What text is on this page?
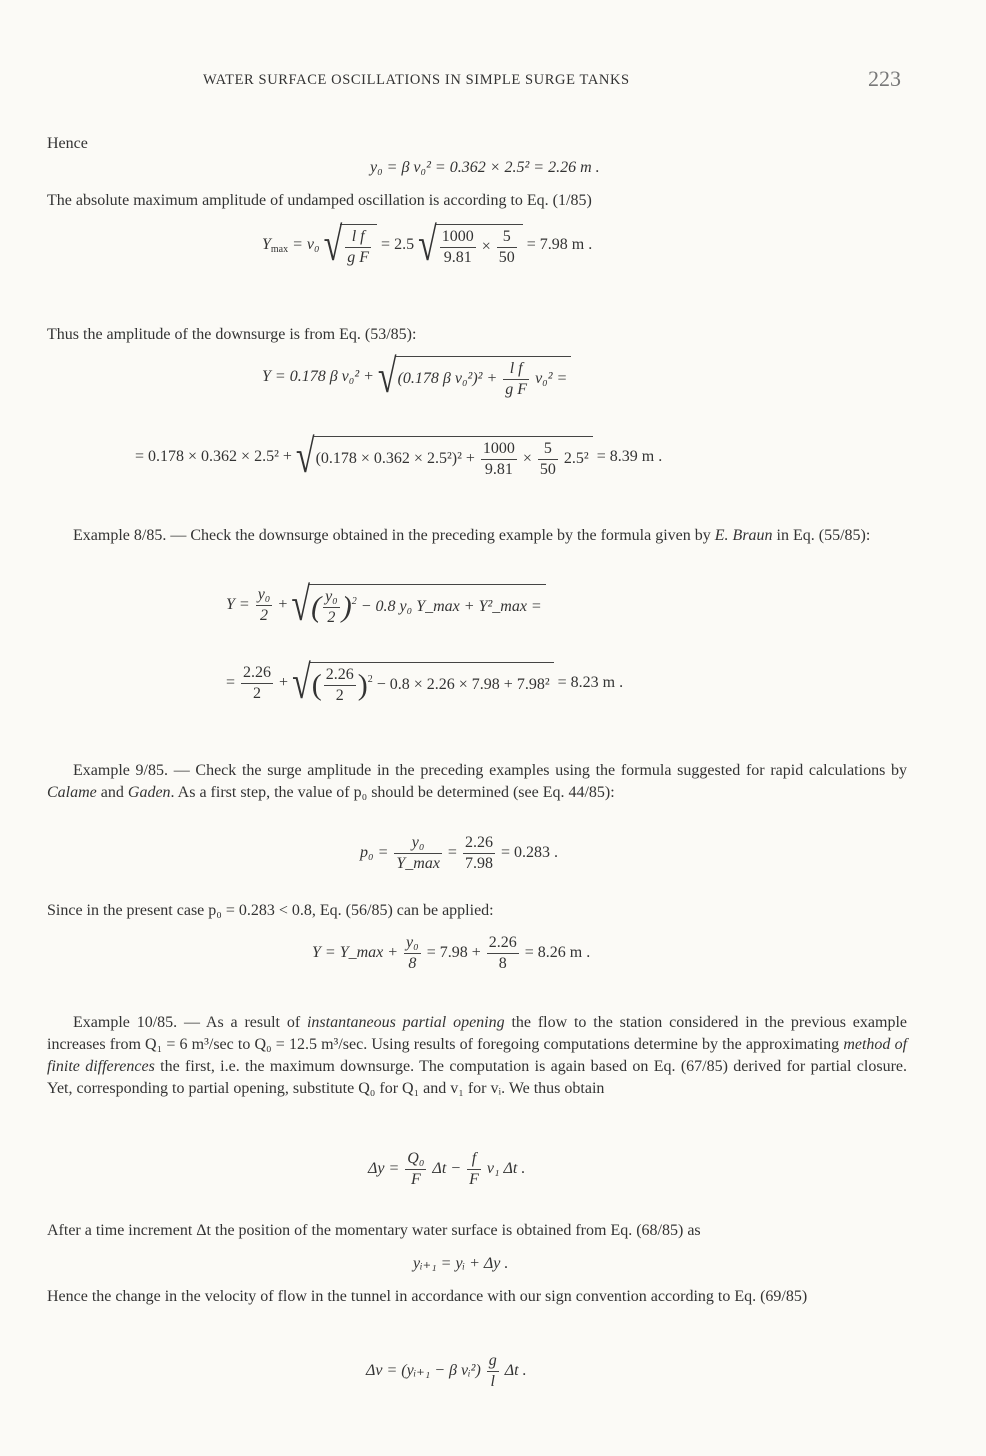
WATER SURFACE OSCILLATIONS IN SIMPLE SURGE TANKS	223
Hence
y₀ = β v₀² = 0.362 × 2.5² = 2.26 m .
The absolute maximum amplitude of undamped oscillation is according to Eq. (1/85)
$Y_{max} = v_0$ √ $\frac{\text{l f}}{\text{g F}} = 2.5$ √ $\frac{1000}{9.81} \times \frac{5}{50} = 7.98$ m .
Thus the amplitude of the downsurge is from Eq. (53/85):
Y = 0.178 β v₀² + √(0.178 β $v_0^2)^2 + \frac{\text{l f}}{\text{g F}} v_0^2$ =
= $0.178 \times 0.362 \times 2.5^2 + √(0.178 \times 0.362 \times 2.5^2)^2 + \frac{1000}{9.81} \times \frac{5}{50} 2.5^2 = 8.39$ m .
Example 8/85. — Check the downsurge obtained in the preceding example by the formula given by E. Braun in Eq. (55/85):
$Y = \frac{\text{y₀}}{2}$ + √( $\frac{\text{y₀}}{2} )^2 - 0.8$ y₀ Y_max + Y²_max =
= $\frac{2.26}{2}$ + √( $\frac{2.26}{2} )^2 - 0.8 \times 2.26 \times 7.98 + 7.98^2 = 8.23$ m .
Example 9/85. — Check the surge amplitude in the preceding examples using the formula suggested for rapid calculations by Calame and Gaden. As a first step, the value of p₀ should be determined (see Eq. 44/85):
$p_0 = \frac{\text{y₀}}{Y\_\max} = \frac{2.26}{7.98} = 0.283$ .
Since in the present case p₀ = 0.283 < 0.8, Eq. (56/85) can be applied:
Y = Y_max + $\frac{\text{y₀}}{8} = 7.98 + \frac{2.26}{8} = 8.26$ m .
Example 10/85. — As a result of instantaneous partial opening the flow to the station considered in the previous example increases from Q₁ = 6 m³/sec to Q₀ = 12.5 m³/sec. Using results of foregoing computations determine by the approximating method of finite differences the first, i.e. the maximum downsurge. The computation is again based on Eq. (67/85) derived for partial closure. Yet, corresponding to partial opening, substitute Q₀ for Q₁ and v₁ for vᵢ. We thus obtain
$\Delta y = \frac{\text{Q₀}}{F}$ $\Delta t - \frac{f}{F} v_1$ Δt .
After a time increment Δt the position of the momentary water surface is obtained from Eq. (68/85) as
yᵢ₊₁ = yᵢ + Δy .
Hence the change in the velocity of flow in the tunnel in accordance with our sign convention according to Eq. (69/85)
Δv = (yᵢ₊₁ − β vᵢ²) $\frac{g}{l}$ Δt .
